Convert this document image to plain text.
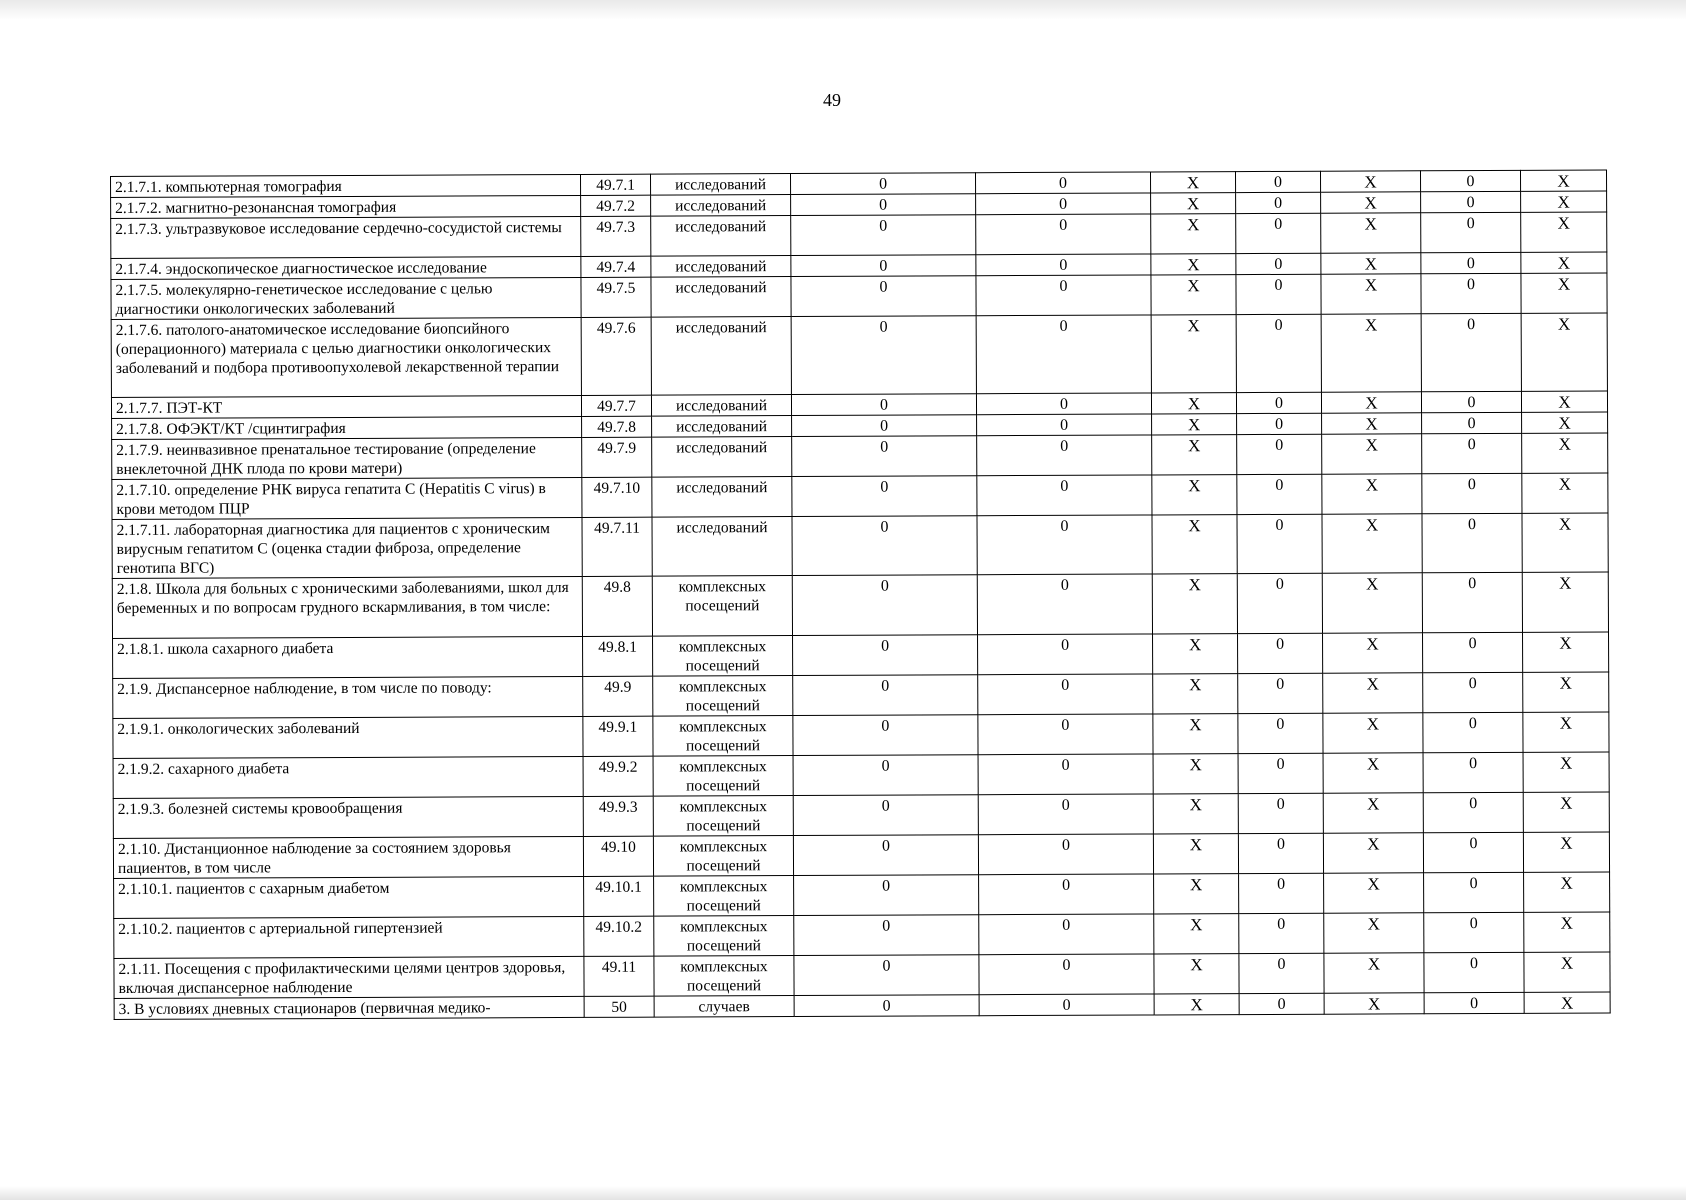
49
2.1.7.1. компьютерная томография	49.7.1	исследований	0	0	X	0	X	0	X
2.1.7.2. магнитно-резонансная томография	49.7.2	исследований	0	0	X	0	X	0	X
2.1.7.3. ультразвуковое исследование сердечно-сосудистой системы	49.7.3	исследований	0	0	X	0	X	0	X
2.1.7.4. эндоскопическое диагностическое исследование	49.7.4	исследований	0	0	X	0	X	0	X
2.1.7.5. молекулярно-генетическое исследование с целью диагностики онкологических заболеваний	49.7.5	исследований	0	0	X	0	X	0	X
2.1.7.6. патолого-анатомическое исследование биопсийного (операционного) материала с целью диагностики онкологических заболеваний и подбора противоопухолевой лекарственной терапии	49.7.6	исследований	0	0	X	0	X	0	X
2.1.7.7. ПЭТ-КТ	49.7.7	исследований	0	0	X	0	X	0	X
2.1.7.8. ОФЭКТ/КТ /сцинтиграфия	49.7.8	исследований	0	0	X	0	X	0	X
2.1.7.9. неинвазивное пренатальное тестирование (определение внеклеточной ДНК плода по крови матери)	49.7.9	исследований	0	0	X	0	X	0	X
2.1.7.10. определение РНК вируса гепатита C (Hepatitis C virus) в крови методом ПЦР	49.7.10	исследований	0	0	X	0	X	0	X
2.1.7.11. лабораторная диагностика для пациентов с хроническим вирусным гепатитом C (оценка стадии фиброза, определение генотипа ВГС)	49.7.11	исследований	0	0	X	0	X	0	X
2.1.8. Школа для больных с хроническими заболеваниями, школ для беременных и по вопросам грудного вскармливания, в том числе:	49.8	комплексных посещений	0	0	X	0	X	0	X
2.1.8.1. школа сахарного диабета	49.8.1	комплексных посещений	0	0	X	0	X	0	X
2.1.9. Диспансерное наблюдение, в том числе по поводу:	49.9	комплексных посещений	0	0	X	0	X	0	X
2.1.9.1. онкологических заболеваний	49.9.1	комплексных посещений	0	0	X	0	X	0	X
2.1.9.2. сахарного диабета	49.9.2	комплексных посещений	0	0	X	0	X	0	X
2.1.9.3. болезней системы кровообращения	49.9.3	комплексных посещений	0	0	X	0	X	0	X
2.1.10. Дистанционное наблюдение за состоянием здоровья пациентов, в том числе	49.10	комплексных посещений	0	0	X	0	X	0	X
2.1.10.1. пациентов с сахарным диабетом	49.10.1	комплексных посещений	0	0	X	0	X	0	X
2.1.10.2. пациентов с артериальной гипертензией	49.10.2	комплексных посещений	0	0	X	0	X	0	X
2.1.11. Посещения с профилактическими целями центров здоровья, включая диспансерное наблюдение	49.11	комплексных посещений	0	0	X	0	X	0	X
3. В условиях дневных стационаров (первичная медико-	50	случаев	0	0	X	0	X	0	X
